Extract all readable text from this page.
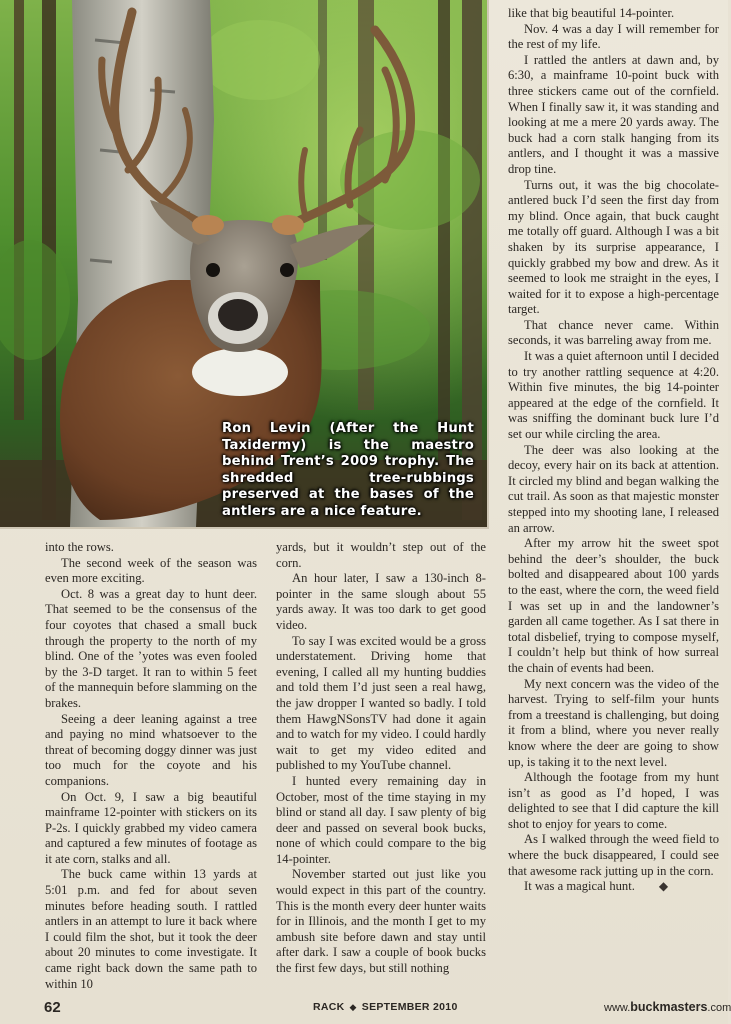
Ron Levin (After the Hunt Taxidermy) is the maestro behind Trent’s 2009 trophy. The shredded tree-rubbings preserved at the bases of the antlers are a nice feature.

into the rows.

The second week of the season was even more exciting.

Oct. 8 was a great day to hunt deer. That seemed to be the consensus of the four coyotes that chased a small buck through the property to the north of my blind. One of the ’yotes was even fooled by the 3-D target. It ran to within 5 feet of the mannequin before slamming on the brakes.

Seeing a deer leaning against a tree and paying no mind whatsoever to the threat of becoming doggy dinner was just too much for the coyote and his companions.

On Oct. 9, I saw a big beautiful mainframe 12-pointer with stickers on its P-2s. I quickly grabbed my video camera and captured a few minutes of footage as it ate corn, stalks and all.

The buck came within 13 yards at 5:01 p.m. and fed for about seven minutes before heading south. I rattled antlers in an attempt to lure it back where I could film the shot, but it took the deer about 20 minutes to come investigate. It came right back down the same path to within 10

yards, but it wouldn’t step out of the corn.

An hour later, I saw a 130-inch 8-pointer in the same slough about 55 yards away. It was too dark to get good video.

To say I was excited would be a gross understatement. Driving home that evening, I called all my hunting buddies and told them I’d just seen a real hawg, the jaw dropper I wanted so badly. I told them HawgNSonsTV had done it again and to watch for my video. I could hardly wait to get my video edited and published to my YouTube channel.

I hunted every remaining day in October, most of the time staying in my blind or stand all day. I saw plenty of big deer and passed on several book bucks, none of which could compare to the big 14-pointer.

November started out just like you would expect in this part of the country. This is the month every deer hunter waits for in Illinois, and the month I get to my ambush site before dawn and stay until after dark. I saw a couple of book bucks the first few days, but still nothing

like that big beautiful 14-pointer.

Nov. 4 was a day I will remember for the rest of my life.

I rattled the antlers at dawn and, by 6:30, a mainframe 10-point buck with three stickers came out of the cornfield. When I finally saw it, it was standing and looking at me a mere 20 yards away. The buck had a corn stalk hanging from its antlers, and I thought it was a massive drop tine.

Turns out, it was the big chocolate-antlered buck I’d seen the first day from my blind. Once again, that buck caught me totally off guard. Although I was a bit shaken by its surprise appearance, I quickly grabbed my bow and drew. As it seemed to look me straight in the eyes, I waited for it to expose a high-percentage target.

That chance never came. Within seconds, it was barreling away from me.

It was a quiet afternoon until I decided to try another rattling sequence at 4:20. Within five minutes, the big 14-pointer appeared at the edge of the cornfield. It was sniffing the dominant buck lure I’d set our while circling the area.

The deer was also looking at the decoy, every hair on its back at attention. It circled my blind and began walking the cut trail. As soon as that majestic monster stepped into my shooting lane, I released an arrow.

After my arrow hit the sweet spot behind the deer’s shoulder, the buck bolted and disappeared about 100 yards to the east, where the corn, the weed field I was set up in and the landowner’s garden all came together. As I sat there in total disbelief, trying to compose myself, I couldn’t help but think of how surreal the chain of events had been.

My next concern was the video of the harvest. Trying to self-film your hunts from a treestand is challenging, but doing it from a blind, where you never really know where the deer are going to show up, is taking it to the next level.

Although the footage from my hunt isn’t as good as I’d hoped, I was delighted to see that I did capture the kill shot to enjoy for years to come.

As I walked through the weed field to where the buck disappeared, I could see that awesome rack jutting up in the corn.

It was a magical hunt. ◆

62	RACK ◆ SEPTEMBER 2010	www.buckmasters.com
